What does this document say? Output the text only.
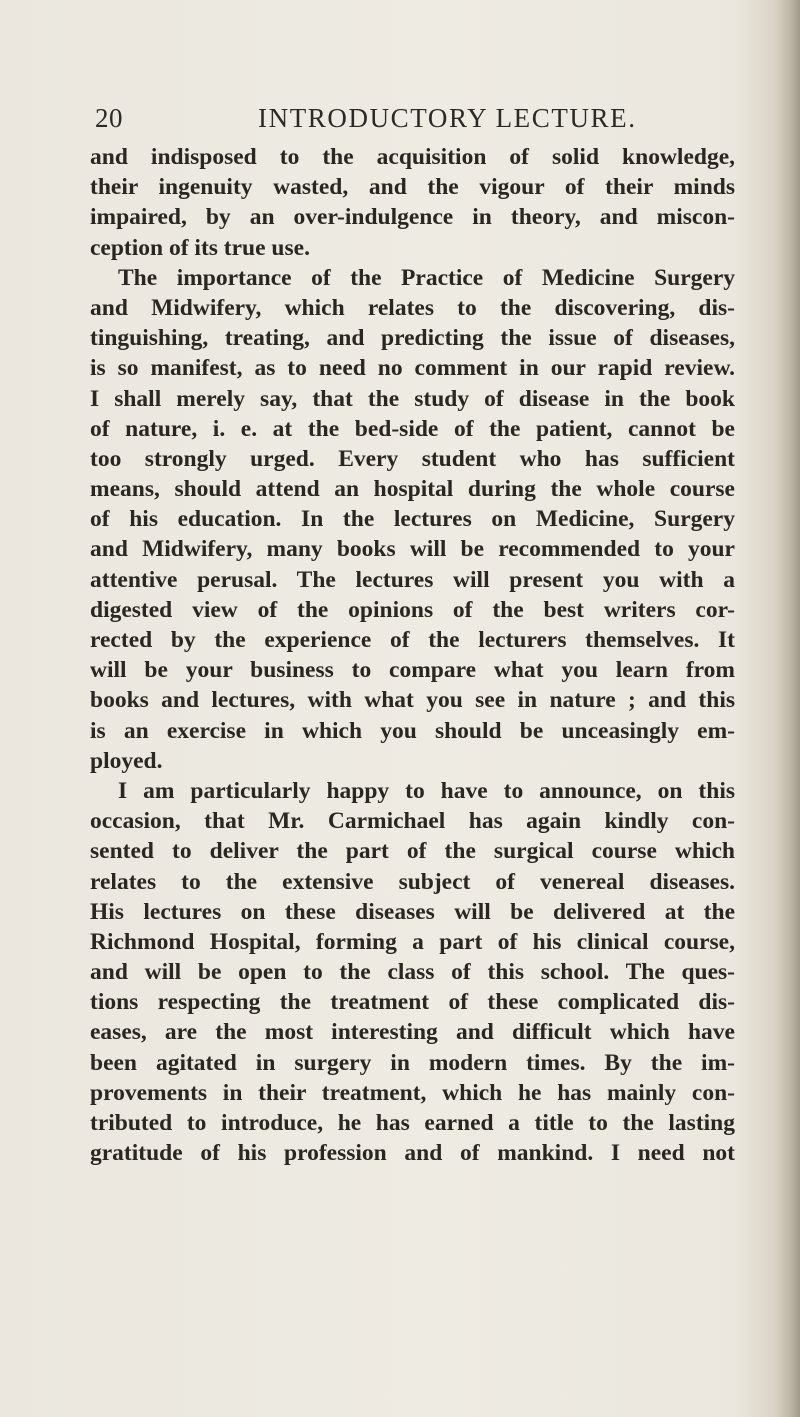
20	INTRODUCTORY LECTURE.
and indisposed to the acquisition of solid knowledge,
their ingenuity wasted, and the vigour of their minds
impaired, by an over-indulgence in theory, and miscon-
ception of its true use.
The importance of the Practice of Medicine Surgery
and Midwifery, which relates to the discovering, dis-
tinguishing, treating, and predicting the issue of diseases,
is so manifest, as to need no comment in our rapid review.
I shall merely say, that the study of disease in the book
of nature, i. e. at the bed-side of the patient, cannot be
too strongly urged. Every student who has sufficient
means, should attend an hospital during the whole course
of his education. In the lectures on Medicine, Surgery
and Midwifery, many books will be recommended to your
attentive perusal. The lectures will present you with a
digested view of the opinions of the best writers cor-
rected by the experience of the lecturers themselves. It
will be your business to compare what you learn from
books and lectures, with what you see in nature ; and this
is an exercise in which you should be unceasingly em-
ployed.
I am particularly happy to have to announce, on this
occasion, that Mr. Carmichael has again kindly con-
sented to deliver the part of the surgical course which
relates to the extensive subject of venereal diseases.
His lectures on these diseases will be delivered at the
Richmond Hospital, forming a part of his clinical course,
and will be open to the class of this school. The ques-
tions respecting the treatment of these complicated dis-
eases, are the most interesting and difficult which have
been agitated in surgery in modern times. By the im-
provements in their treatment, which he has mainly con-
tributed to introduce, he has earned a title to the lasting
gratitude of his profession and of mankind. I need not
